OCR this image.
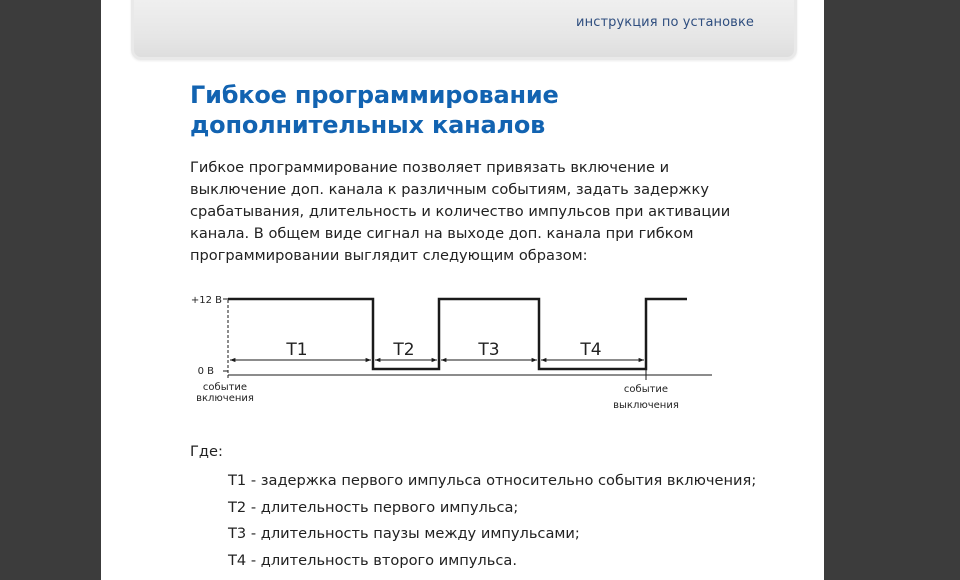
инструкция по установке
Гибкое программирование
дополнительных каналов

Гибкое программирование позволяет привязать включение и
выключение доп. канала к различным событиям, задать задержку
срабатывания, длительность и количество импульсов при активации
канала. В общем виде сигнал на выходе доп. канала при гибком
программировании выглядит следующим образом:

+12 В
0 В
T1	T2	T3	T4
событие
включения
событие
выключения

Где:

T1 - задержка первого импульса относительно события включения;
T2 - длительность первого импульса;
T3 - длительность паузы между импульсами;
T4 - длительность второго импульса.
